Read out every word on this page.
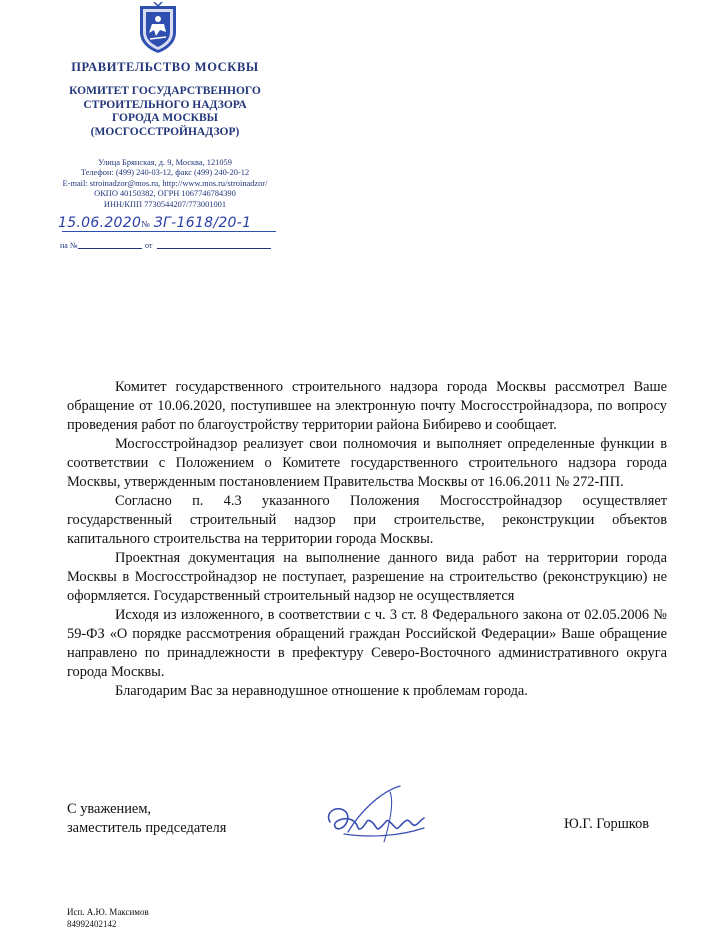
ПРАВИТЕЛЬСТВО МОСКВЫ
КОМИТЕТ ГОСУДАРСТВЕННОГО
СТРОИТЕЛЬНОГО НАДЗОРА
ГОРОДА МОСКВЫ
(МОСГОССТРОЙНАДЗОР)
Улица Брянская, д. 9, Москва, 121059
Телефон: (499) 240-03-12, факс (499) 240-20-12
E-mail: stroinadzor@mos.ru, http://www.mos.ru/stroinadzor/
ОКПО 40150382, ОГРН 1067746784390
ИНН/КПП 7730544207/773001001
15.06.2020№ ЗГ-1618/20-1
на №	от

Комитет государственного строительного надзора города Москвы рассмотрел Ваше обращение от 10.06.2020, поступившее на электронную почту Мосгосстройнадзора, по вопросу проведения работ по благоустройству территории района Бибирево и сообщает.

Мосгосстройнадзор реализует свои полномочия и выполняет определенные функции в соответствии с Положением о Комитете государственного строительного надзора города Москвы, утвержденным постановлением Правительства Москвы от 16.06.2011 № 272-ПП.

Согласно п. 4.3 указанного Положения Мосгосстройнадзор осуществляет государственный строительный надзор при строительстве, реконструкции объектов капитального строительства на территории города Москвы.

Проектная документация на выполнение данного вида работ на территории города Москвы в Мосгосстройнадзор не поступает, разрешение на строительство (реконструкцию) не оформляется. Государственный строительный надзор не осуществляется

Исходя из изложенного, в соответствии с ч. 3 ст. 8 Федерального закона от 02.05.2006 № 59-ФЗ «О порядке рассмотрения обращений граждан Российской Федерации» Ваше обращение направлено по принадлежности в префектуру Северо-Восточного административного округа города Москвы.

Благодарим Вас за неравнодушное отношение к проблемам города.

С уважением,
заместитель председателя	Ю.Г. Горшков
Исп. А.Ю. Максимов
84992402142
